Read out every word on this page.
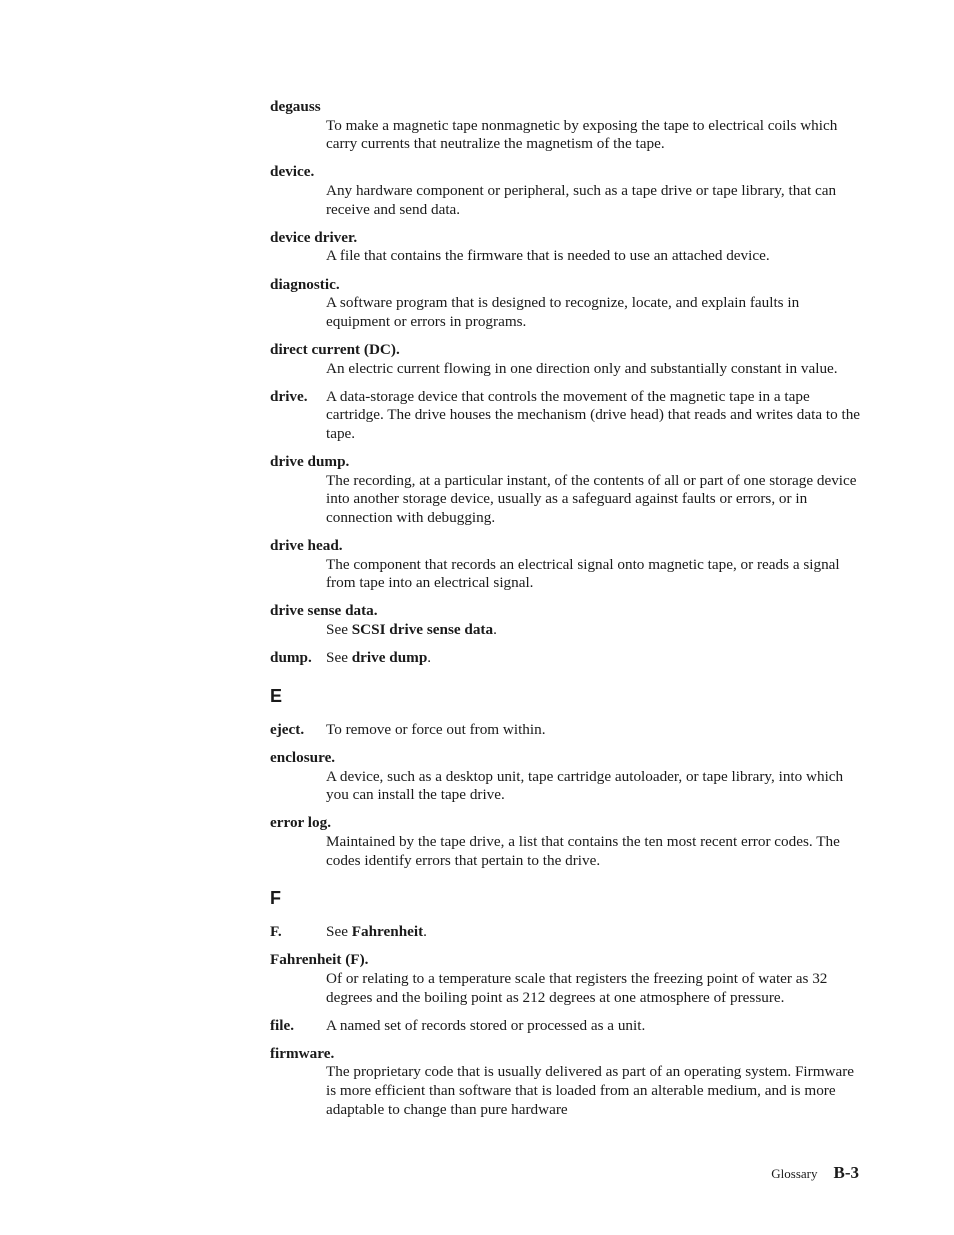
degauss
To make a magnetic tape nonmagnetic by exposing the tape to electrical coils which carry currents that neutralize the magnetism of the tape.
device.
Any hardware component or peripheral, such as a tape drive or tape library, that can receive and send data.
device driver.
A file that contains the firmware that is needed to use an attached device.
diagnostic.
A software program that is designed to recognize, locate, and explain faults in equipment or errors in programs.
direct current (DC).
An electric current flowing in one direction only and substantially constant in value.
drive. A data-storage device that controls the movement of the magnetic tape in a tape cartridge. The drive houses the mechanism (drive head) that reads and writes data to the tape.
drive dump.
The recording, at a particular instant, of the contents of all or part of one storage device into another storage device, usually as a safeguard against faults or errors, or in connection with debugging.
drive head.
The component that records an electrical signal onto magnetic tape, or reads a signal from tape into an electrical signal.
drive sense data.
See SCSI drive sense data.
dump. See drive dump.
E
eject. To remove or force out from within.
enclosure.
A device, such as a desktop unit, tape cartridge autoloader, or tape library, into which you can install the tape drive.
error log.
Maintained by the tape drive, a list that contains the ten most recent error codes. The codes identify errors that pertain to the drive.
F
F.	See Fahrenheit.
Fahrenheit (F).
Of or relating to a temperature scale that registers the freezing point of water as 32 degrees and the boiling point as 212 degrees at one atmosphere of pressure.
file. A named set of records stored or processed as a unit.
firmware.
The proprietary code that is usually delivered as part of an operating system. Firmware is more efficient than software that is loaded from an alterable medium, and is more adaptable to change than pure hardware
Glossary B-3
